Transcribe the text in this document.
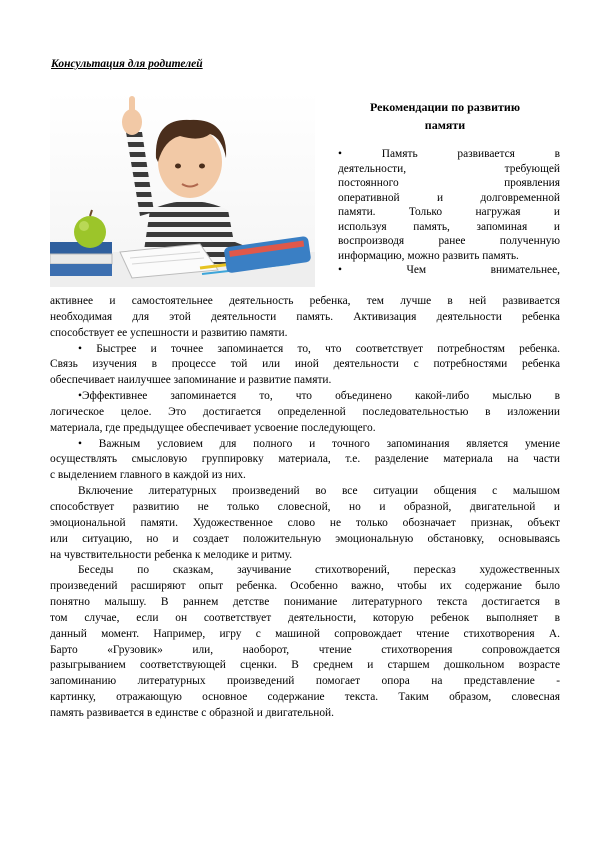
Консультация для родителей
Рекомендации по развитию
памяти
• Память развивается в
деятельности, требующей
постоянного проявления
оперативной и долговременной
памяти. Только нагружая и
используя память, запоминая и
воспроизводя ранее полученную
информацию, можно развить память.
• Чем внимательнее,
активнее и самостоятельнее деятельность ребенка, тем лучше в ней развивается
необходимая для этой деятельности память. Активизация деятельности ребенка
способствует ее успешности и развитию памяти.
• Быстрее и точнее запоминается то, что соответствует потребностям ребенка.
Связь изучения в процессе той или иной деятельности с потребностями ребенка
обеспечивает наилучшее запоминание и развитие памяти.
•Эффективнее запоминается то, что объединено какой-либо мыслью в
логическое целое. Это достигается определенной последовательностью в изложении
материала, где предыдущее обеспечивает усвоение последующего.
• Важным условием для полного и точного запоминания является умение
осуществлять смысловую группировку материала, т.е. разделение материала на части
с выделением главного в каждой из них.
Включение литературных произведений во все ситуации общения с малышом
способствует развитию не только словесной, но и образной, двигательной и
эмоциональной памяти. Художественное слово не только обозначает признак, объект
или ситуацию, но и создает положительную эмоциональную обстановку, основываясь
на чувствительности ребенка к мелодике и ритму.
Беседы по сказкам, заучивание стихотворений, пересказ художественных
произведений расширяют опыт ребенка. Особенно важно, чтобы их содержание было
понятно малышу. В раннем детстве понимание литературного текста достигается в
том случае, если он соответствует деятельности, которую ребенок выполняет в
данный момент. Например, игру с машиной сопровождает чтение стихотворения А.
Барто «Грузовик» или, наоборот, чтение стихотворения сопровождается
разыгрыванием соответствующей сценки. В среднем и старшем дошкольном возрасте
запоминанию литературных произведений помогает опора на представление -
картинку, отражающую основное содержание текста. Таким образом, словесная
память развивается в единстве с образной и двигательной.
